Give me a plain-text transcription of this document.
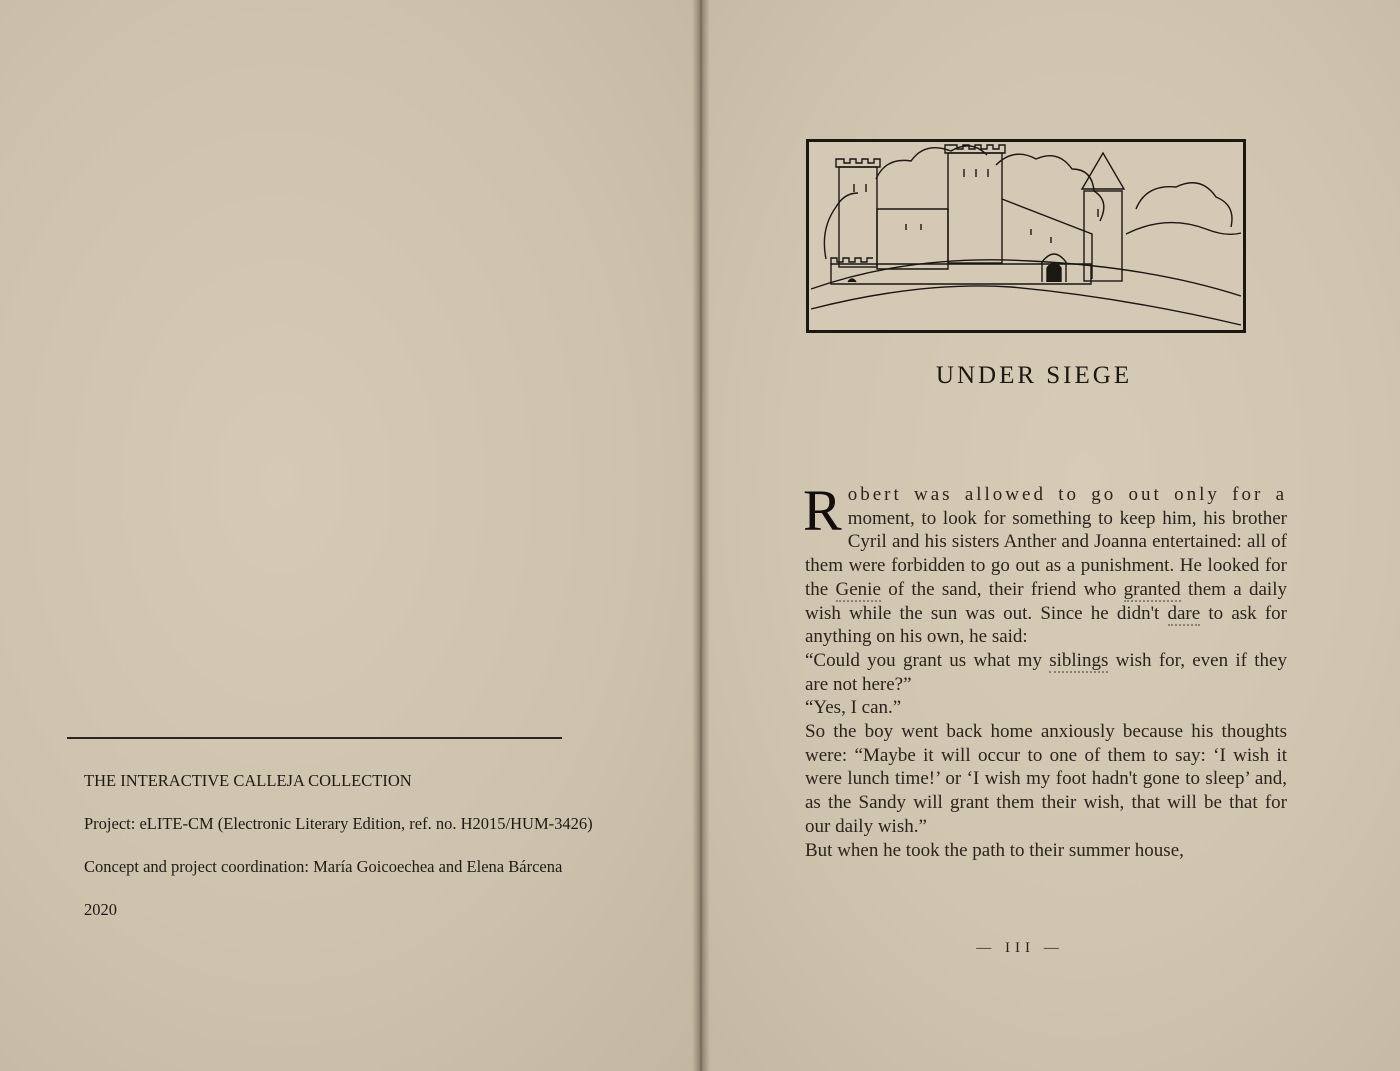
THE INTERACTIVE CALLEJA COLLECTION

Project: eLITE-CM (Electronic Literary Edition, ref. no. H2015/HUM-3426)

Concept and project coordination: María Goicoechea and Elena Bárcena

2020

UNDER SIEGE

Robert was allowed to go out only for a moment, to look for something to keep him, his brother Cyril and his sisters Anther and Joanna entertained: all of them were forbidden to go out as a punishment. He looked for the Genie of the sand, their friend who granted them a daily wish while the sun was out. Since he didn't dare to ask for anything on his own, he said:

“Could you grant us what my siblings wish for, even if they are not here?”

“Yes, I can.”

So the boy went back home anxiously because his thoughts were: “Maybe it will occur to one of them to say: ‘I wish it were lunch time!’ or ‘I wish my foot hadn't gone to sleep’ and, as the Sandy will grant them their wish, that will be that for our daily wish.”

But when he took the path to their summer house,

— III —
